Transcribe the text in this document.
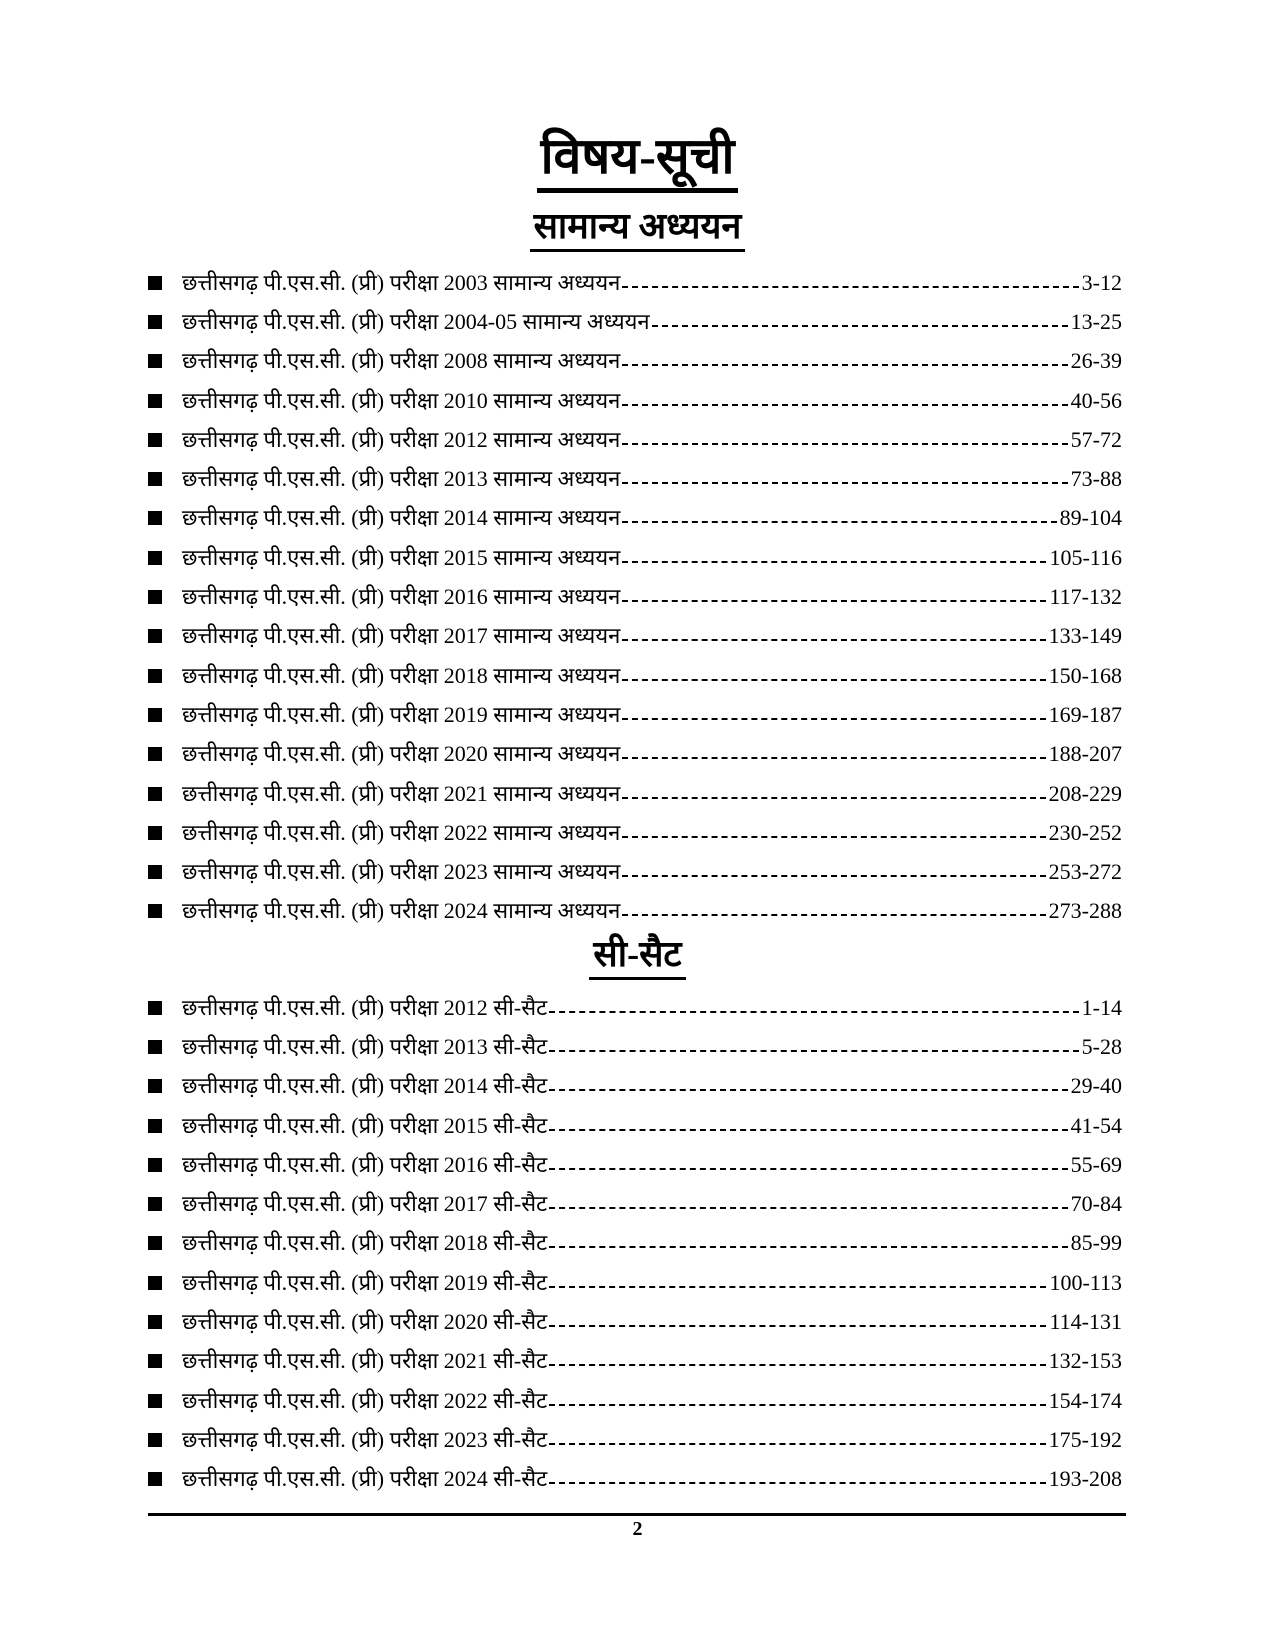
विषय-सूची
सामान्य अध्ययन
छत्तीसगढ़ पी.एस.सी. (प्री) परीक्षा 2003 सामान्य अध्ययन	3-12
छत्तीसगढ़ पी.एस.सी. (प्री) परीक्षा 2004-05 सामान्य अध्ययन	13-25
छत्तीसगढ़ पी.एस.सी. (प्री) परीक्षा 2008 सामान्य अध्ययन	26-39
छत्तीसगढ़ पी.एस.सी. (प्री) परीक्षा 2010 सामान्य अध्ययन	40-56
छत्तीसगढ़ पी.एस.सी. (प्री) परीक्षा 2012 सामान्य अध्ययन	57-72
छत्तीसगढ़ पी.एस.सी. (प्री) परीक्षा 2013 सामान्य अध्ययन	73-88
छत्तीसगढ़ पी.एस.सी. (प्री) परीक्षा 2014 सामान्य अध्ययन	89-104
छत्तीसगढ़ पी.एस.सी. (प्री) परीक्षा 2015 सामान्य अध्ययन	105-116
छत्तीसगढ़ पी.एस.सी. (प्री) परीक्षा 2016 सामान्य अध्ययन	117-132
छत्तीसगढ़ पी.एस.सी. (प्री) परीक्षा 2017 सामान्य अध्ययन	133-149
छत्तीसगढ़ पी.एस.सी. (प्री) परीक्षा 2018 सामान्य अध्ययन	150-168
छत्तीसगढ़ पी.एस.सी. (प्री) परीक्षा 2019 सामान्य अध्ययन	169-187
छत्तीसगढ़ पी.एस.सी. (प्री) परीक्षा 2020 सामान्य अध्ययन	188-207
छत्तीसगढ़ पी.एस.सी. (प्री) परीक्षा 2021 सामान्य अध्ययन	208-229
छत्तीसगढ़ पी.एस.सी. (प्री) परीक्षा 2022 सामान्य अध्ययन	230-252
छत्तीसगढ़ पी.एस.सी. (प्री) परीक्षा 2023 सामान्य अध्ययन	253-272
छत्तीसगढ़ पी.एस.सी. (प्री) परीक्षा 2024 सामान्य अध्ययन	273-288
सी-सैट
छत्तीसगढ़ पी.एस.सी. (प्री) परीक्षा 2012 सी-सैट	1-14
छत्तीसगढ़ पी.एस.सी. (प्री) परीक्षा 2013 सी-सैट	5-28
छत्तीसगढ़ पी.एस.सी. (प्री) परीक्षा 2014 सी-सैट	29-40
छत्तीसगढ़ पी.एस.सी. (प्री) परीक्षा 2015 सी-सैट	41-54
छत्तीसगढ़ पी.एस.सी. (प्री) परीक्षा 2016 सी-सैट	55-69
छत्तीसगढ़ पी.एस.सी. (प्री) परीक्षा 2017 सी-सैट	70-84
छत्तीसगढ़ पी.एस.सी. (प्री) परीक्षा 2018 सी-सैट	85-99
छत्तीसगढ़ पी.एस.सी. (प्री) परीक्षा 2019 सी-सैट	100-113
छत्तीसगढ़ पी.एस.सी. (प्री) परीक्षा 2020 सी-सैट	114-131
छत्तीसगढ़ पी.एस.सी. (प्री) परीक्षा 2021 सी-सैट	132-153
छत्तीसगढ़ पी.एस.सी. (प्री) परीक्षा 2022 सी-सैट	154-174
छत्तीसगढ़ पी.एस.सी. (प्री) परीक्षा 2023 सी-सैट	175-192
छत्तीसगढ़ पी.एस.सी. (प्री) परीक्षा 2024 सी-सैट	193-208
2
